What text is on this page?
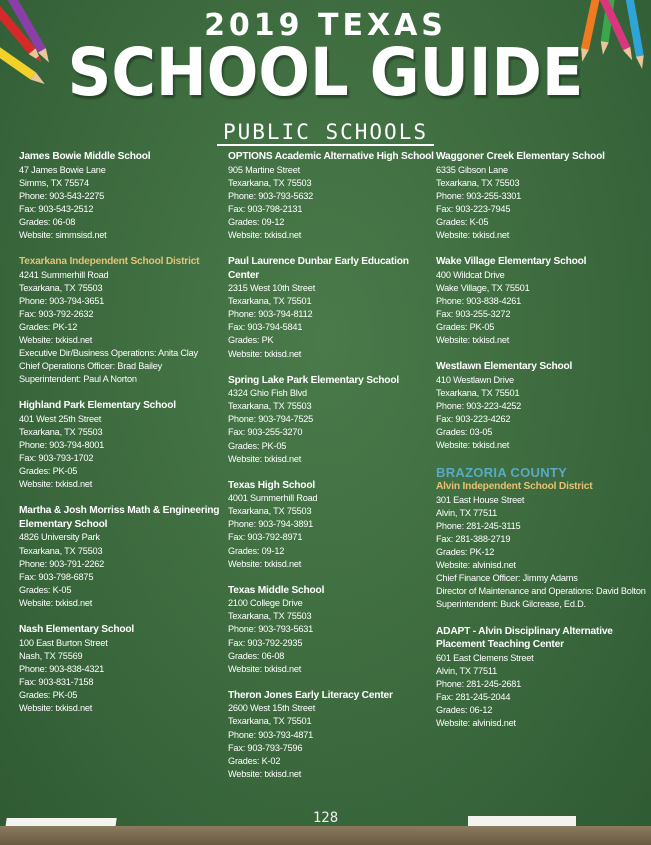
2019 TEXAS
SCHOOL GUIDE
PUBLIC SCHOOLS
James Bowie Middle School
47 James Bowie Lane
Simms, TX 75574
Phone: 903-543-2275
Fax: 903-543-2512
Grades: 06-08
Website: simmsisd.net
Texarkana Independent School District
4241 Summerhill Road
Texarkana, TX 75503
Phone: 903-794-3651
Fax: 903-792-2632
Grades: PK-12
Website: txkisd.net
Executive Dir/Business Operations: Anita Clay
Chief Operations Officer: Brad Bailey
Superintendent: Paul A Norton
Highland Park Elementary School
401 West 25th Street
Texarkana, TX 75503
Phone: 903-794-8001
Fax: 903-793-1702
Grades: PK-05
Website: txkisd.net
Martha & Josh Morriss Math & Engineering Elementary School
4826 University Park
Texarkana, TX 75503
Phone: 903-791-2262
Fax: 903-798-6875
Grades: K-05
Website: txkisd.net
Nash Elementary School
100 East Burton Street
Nash, TX 75569
Phone: 903-838-4321
Fax: 903-831-7158
Grades: PK-05
Website: txkisd.net
OPTIONS Academic Alternative High School
905 Martine Street
Texarkana, TX 75503
Phone: 903-793-5632
Fax: 903-798-2131
Grades: 09-12
Website: txkisd.net
Paul Laurence Dunbar Early Education Center
2315 West 10th Street
Texarkana, TX 75501
Phone: 903-794-8112
Fax: 903-794-5841
Grades: PK
Website: txkisd.net
Spring Lake Park Elementary School
4324 Ghio Fish Blvd
Texarkana, TX 75503
Phone: 903-794-7525
Fax: 903-255-3270
Grades: PK-05
Website: txkisd.net
Texas High School
4001 Summerhill Road
Texarkana, TX 75503
Phone: 903-794-3891
Fax: 903-792-8971
Grades: 09-12
Website: txkisd.net
Texas Middle School
2100 College Drive
Texarkana, TX 75503
Phone: 903-793-5631
Fax: 903-792-2935
Grades: 06-08
Website: txkisd.net
Theron Jones Early Literacy Center
2600 West 15th Street
Texarkana, TX 75501
Phone: 903-793-4871
Fax: 903-793-7596
Grades: K-02
Website: txkisd.net
Waggoner Creek Elementary School
6335 Gibson Lane
Texarkana, TX 75503
Phone: 903-255-3301
Fax: 903-223-7945
Grades: K-05
Website: txkisd.net
Wake Village Elementary School
400 Wildcat Drive
Wake Village, TX 75501
Phone: 903-838-4261
Fax: 903-255-3272
Grades: PK-05
Website: txkisd.net
Westlawn Elementary School
410 Westlawn Drive
Texarkana, TX 75501
Phone: 903-223-4252
Fax: 903-223-4262
Grades: 03-05
Website: txkisd.net
BRAZORIA COUNTY
Alvin Independent School District
301 East House Street
Alvin, TX 77511
Phone: 281-245-3115
Fax: 281-388-2719
Grades: PK-12
Website: alvinisd.net
Chief Finance Officer: Jimmy Adams
Director of Maintenance and Operations: David Bolton
Superintendent: Buck Gilcrease, Ed.D.
ADAPT - Alvin Disciplinary Alternative Placement Teaching Center
601 East Clemens Street
Alvin, TX 77511
Phone: 281-245-2681
Fax: 281-245-2044
Grades: 06-12
Website: alvinisd.net
128
